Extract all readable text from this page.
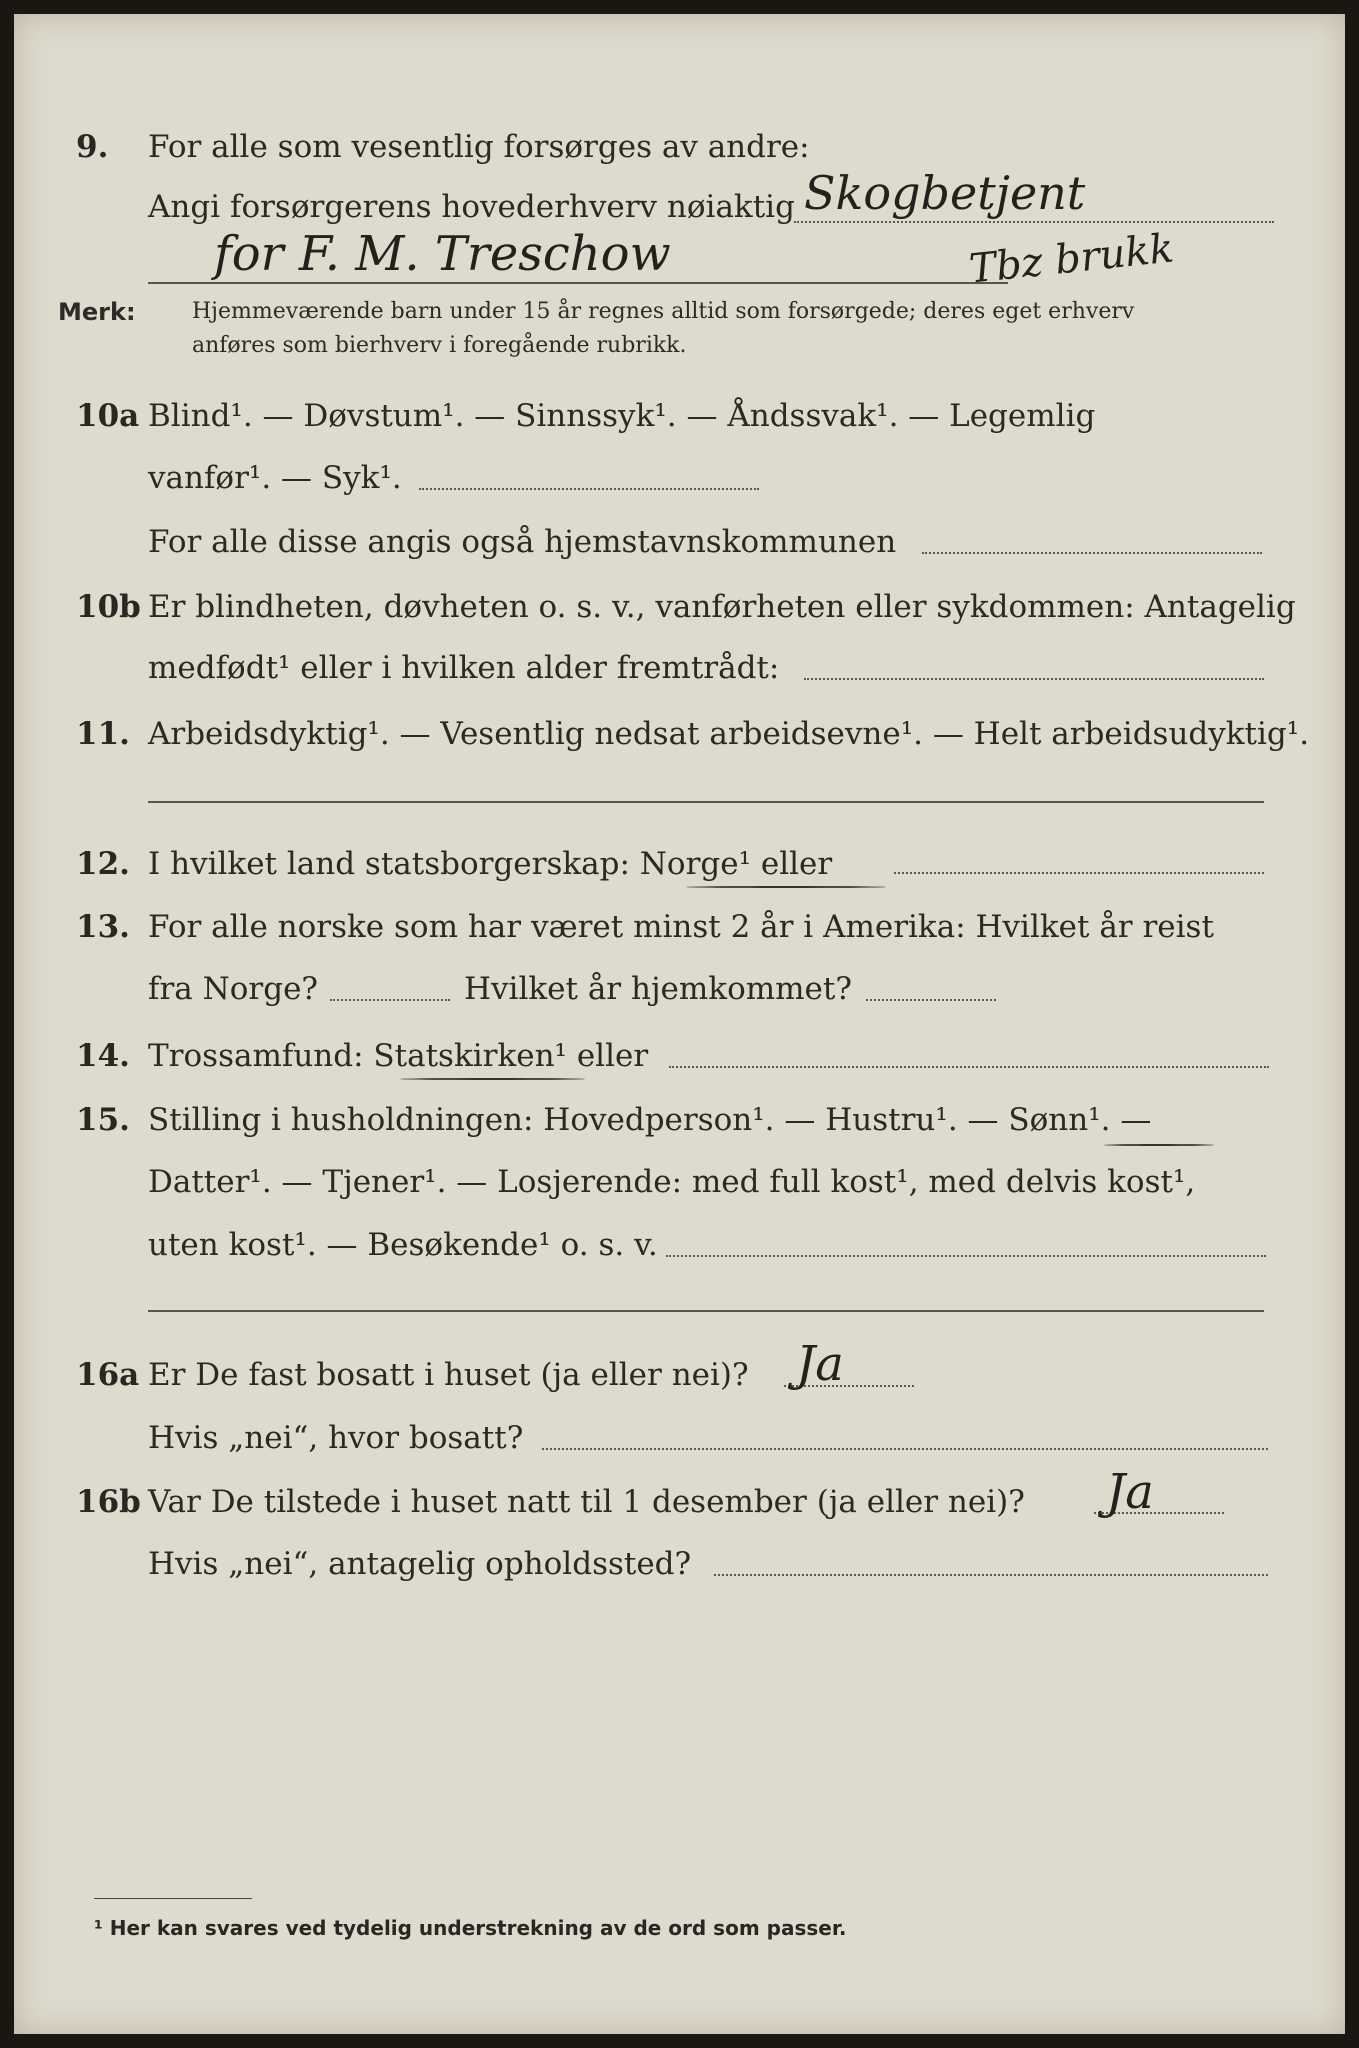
9. For alle som vesentlig forsørges av andre:
Angi forsørgerens hovederhverv nøiaktig Skogbetjent
for F. M. Treschow	Tbz brukk
Merk:	Hjemmeværende barn under 15 år regnes alltid som forsørgede; deres eget erhverv
anføres som bierhverv i foregående rubrikk.
10a Blind¹. — Døvstum¹. — Sinnssyk¹. — Åndssvak¹. — Legemlig
vanfør¹. — Syk¹.
For alle disse angis også hjemstavnskommunen
10b Er blindheten, døvheten o. s. v., vanførheten eller sykdommen: Antagelig
medfødt¹ eller i hvilken alder fremtrådt:
11. Arbeidsdyktig¹. — Vesentlig nedsat arbeidsevne¹. — Helt arbeidsudyktig¹.
12. I hvilket land statsborgerskap: Norge¹ eller
13. For alle norske som har været minst 2 år i Amerika: Hvilket år reist
fra Norge?	Hvilket år hjemkommet?
14. Trossamfund: Statskirken¹ eller
15. Stilling i husholdningen: Hovedperson¹. — Hustru¹. — Sønn¹. —
Datter¹. — Tjener¹. — Losjerende: med full kost¹, med delvis kost¹,
uten kost¹. — Besøkende¹ o. s. v.
16a Er De fast bosatt i huset (ja eller nei)? Ja
Hvis „nei“, hvor bosatt?
16b Var De tilstede i huset natt til 1 desember (ja eller nei)? Ja
Hvis „nei“, antagelig opholdssted?
¹ Her kan svares ved tydelig understrekning av de ord som passer.
